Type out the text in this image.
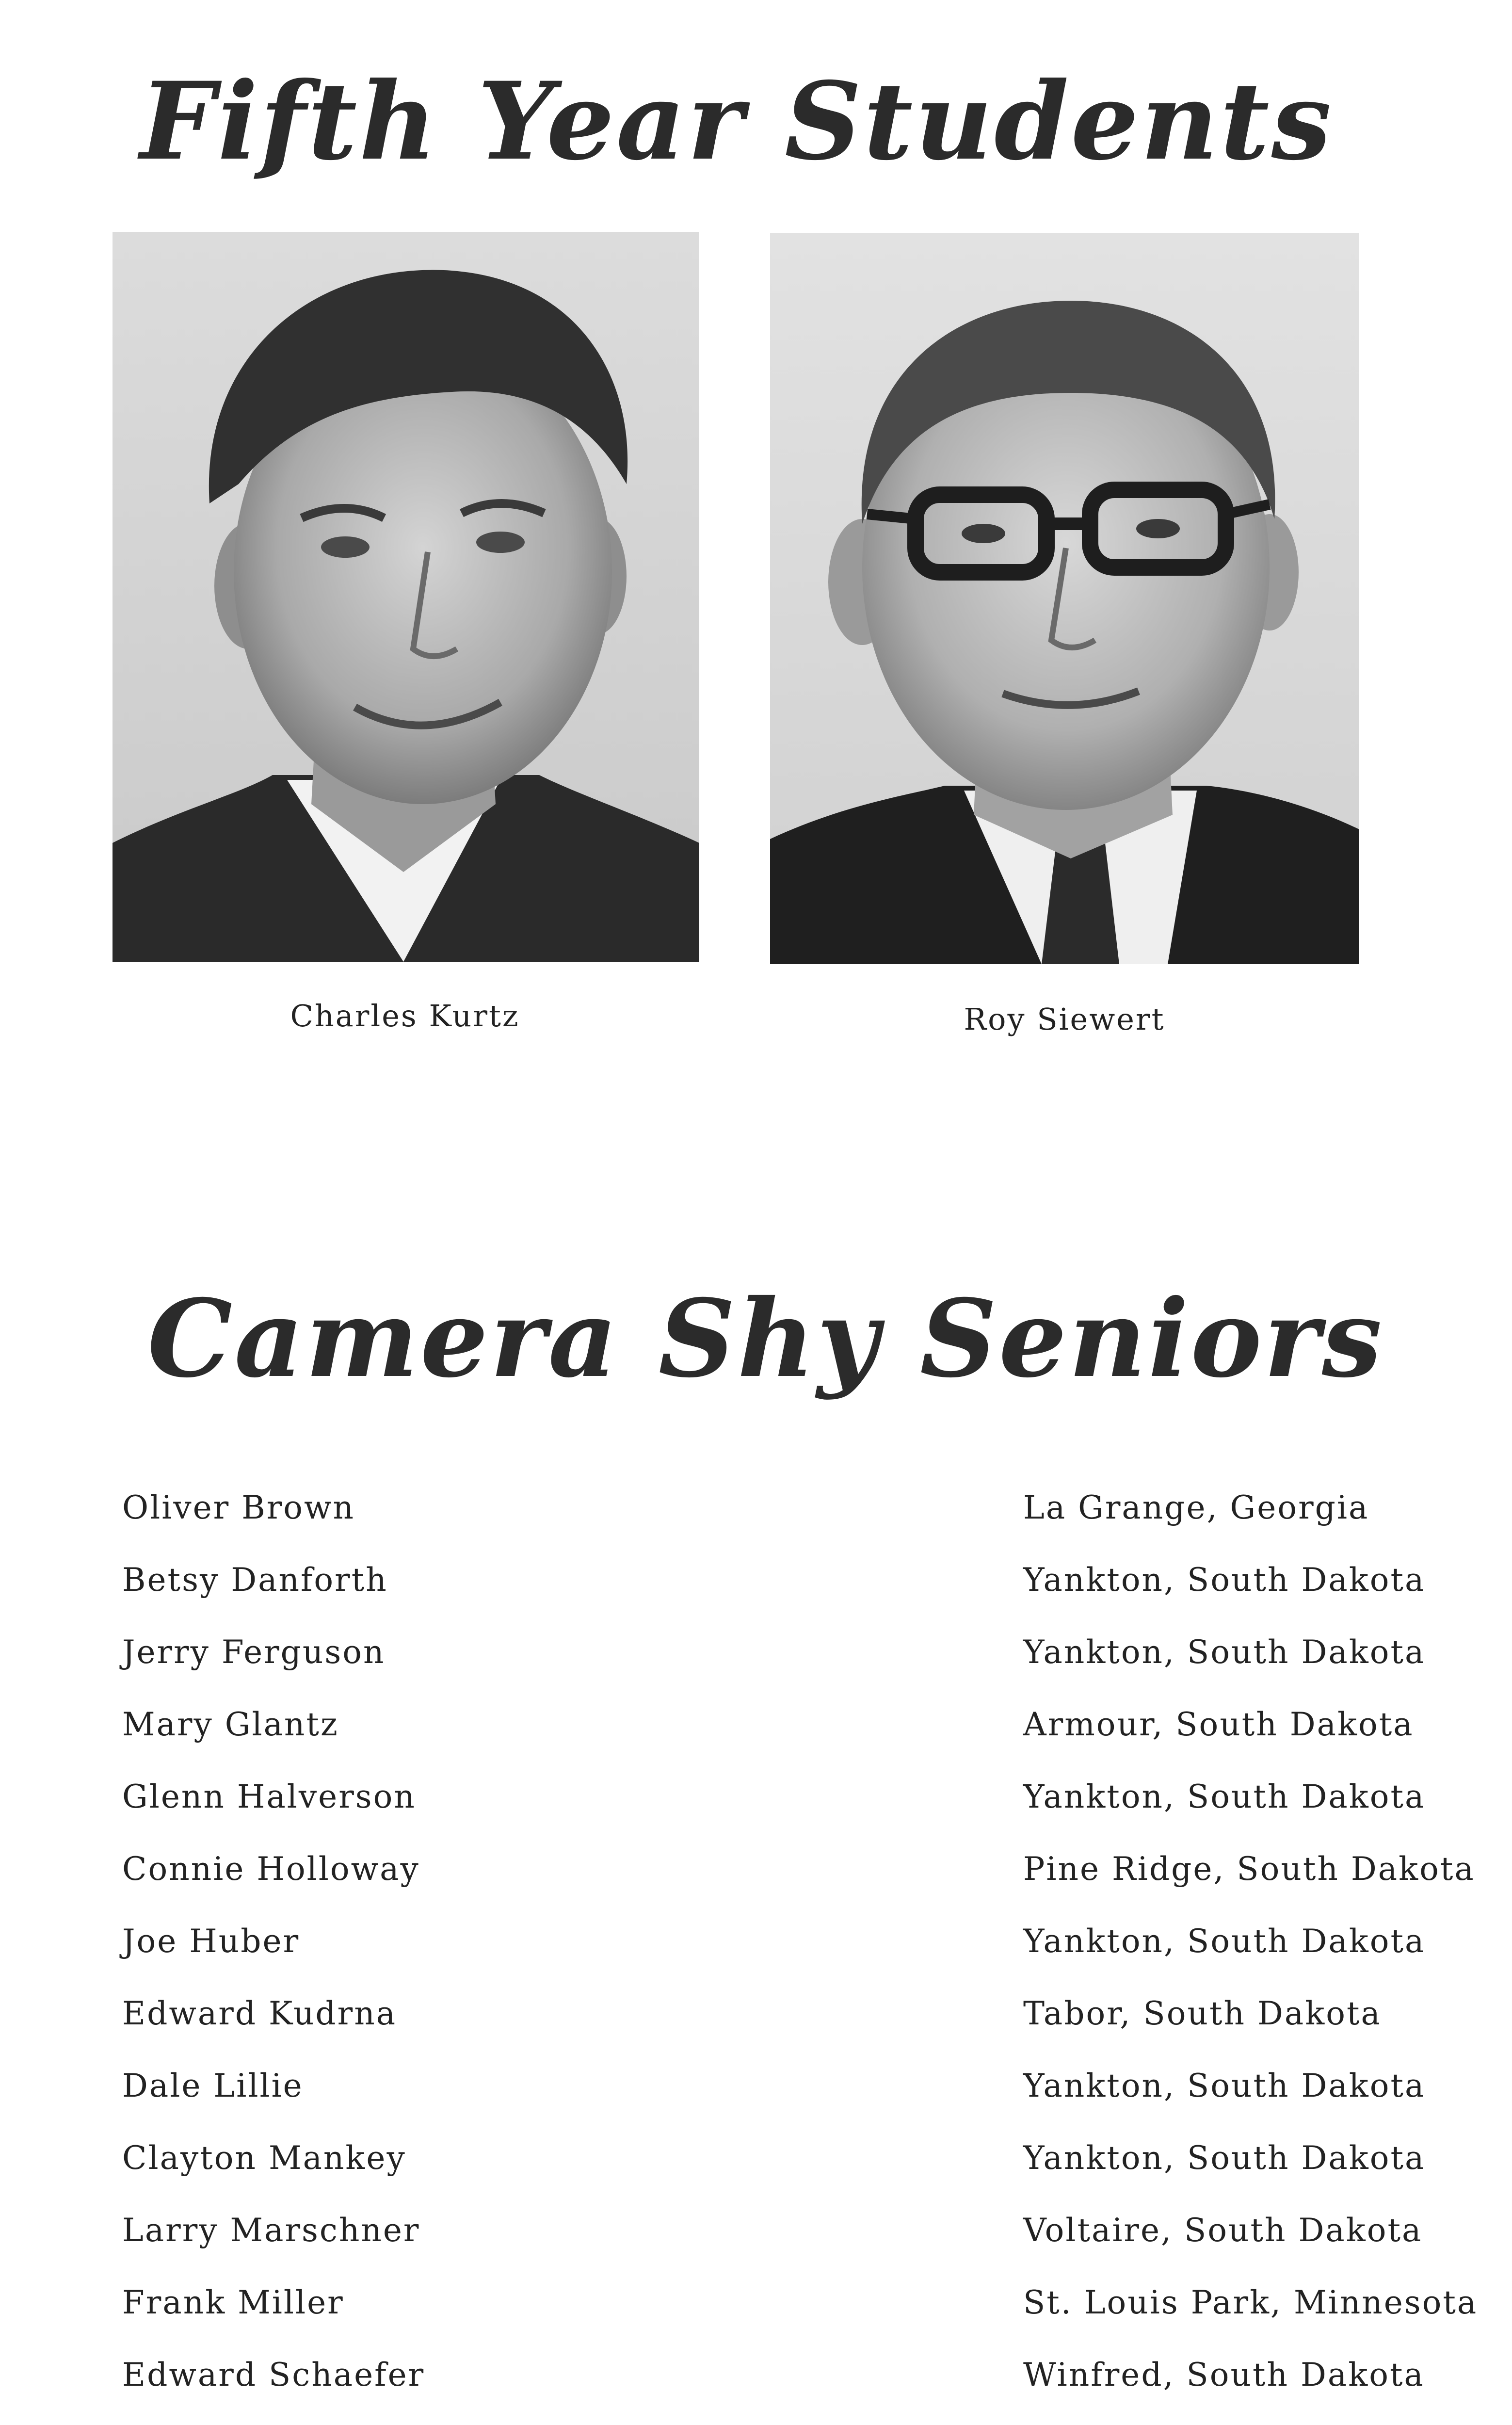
Fifth Year Students
Charles Kurtz	Roy Siewert
Camera Shy Seniors
Oliver Brown	La Grange, Georgia
Betsy Danforth	Yankton, South Dakota
Jerry Ferguson	Yankton, South Dakota
Mary Glantz	Armour, South Dakota
Glenn Halverson	Yankton, South Dakota
Connie Holloway	Pine Ridge, South Dakota
Joe Huber	Yankton, South Dakota
Edward Kudrna	Tabor, South Dakota
Dale Lillie	Yankton, South Dakota
Clayton Mankey	Yankton, South Dakota
Larry Marschner	Voltaire, South Dakota
Frank Miller	St. Louis Park, Minnesota
Edward Schaefer	Winfred, South Dakota
